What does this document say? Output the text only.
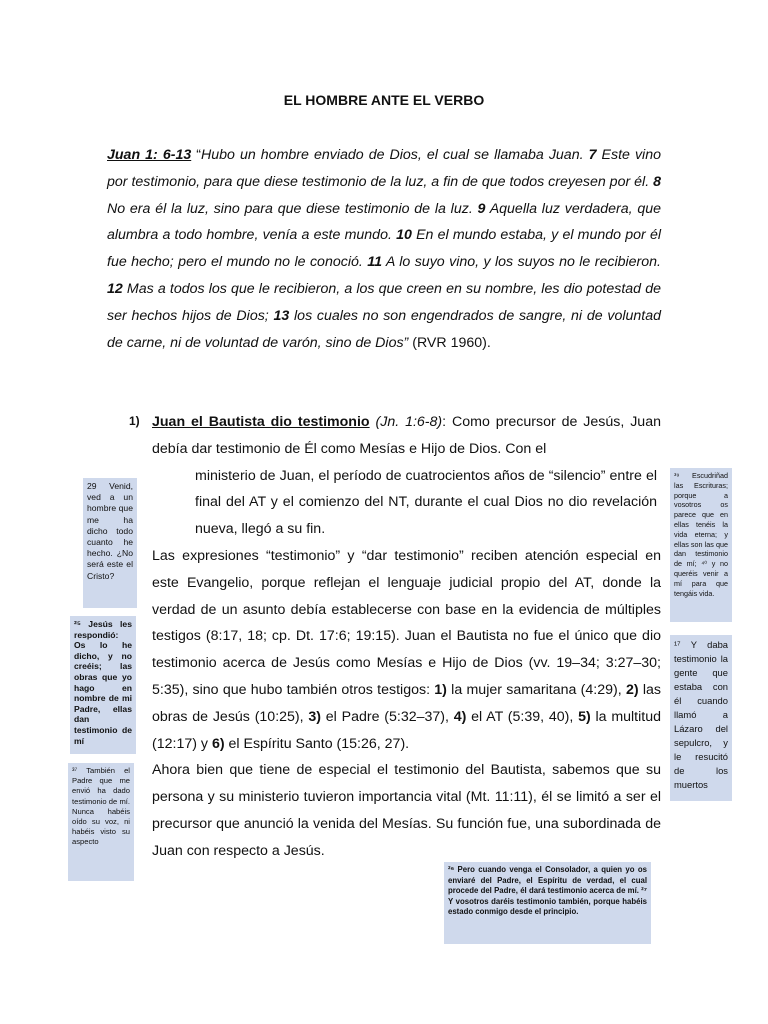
EL HOMBRE ANTE EL VERBO
Juan 1: 6-13 “Hubo un hombre enviado de Dios, el cual se llamaba Juan. 7 Este vino por testimonio, para que diese testimonio de la luz, a fin de que todos creyesen por él. 8 No era él la luz, sino para que diese testimonio de la luz. 9 Aquella luz verdadera, que alumbra a todo hombre, venía a este mundo. 10 En el mundo estaba, y el mundo por él fue hecho; pero el mundo no le conoció. 11 A lo suyo vino, y los suyos no le recibieron. 12 Mas a todos los que le recibieron, a los que creen en su nombre, les dio potestad de ser hechos hijos de Dios; 13 los cuales no son engendrados de sangre, ni de voluntad de carne, ni de voluntad de varón, sino de Dios” (RVR 1960).
1) Juan el Bautista dio testimonio (Jn. 1:6-8): Como precursor de Jesús, Juan debía dar testimonio de Él como Mesías e Hijo de Dios. Con el

ministerio de Juan, el período de cuatrocientos años de “silencio” entre el final del AT y el comienzo del NT, durante el cual Dios no dio revelación nueva, llegó a su fin.

Las expresiones “testimonio” y “dar testimonio” reciben atención especial en este Evangelio, porque reflejan el lenguaje judicial propio del AT, donde la verdad de un asunto debía establecerse con base en la evidencia de múltiples testigos (8:17, 18; cp. Dt. 17:6; 19:15). Juan el Bautista no fue el único que dio testimonio acerca de Jesús como Mesías e Hijo de Dios (vv. 19–34; 3:27–30; 5:35), sino que hubo también otros testigos: 1) la mujer samaritana (4:29), 2) las obras de Jesús (10:25), 3) el Padre (5:32–37), 4) el AT (5:39, 40), 5) la multitud (12:17) y 6) el Espíritu Santo (15:26, 27).

Ahora bien que tiene de especial el testimonio del Bautista, sabemos que su persona y su ministerio tuvieron importancia vital (Mt. 11:11), él se limitó a ser el precursor que anunció la venida del Mesías. Su función fue, una subordinada de Juan con respecto a Jesús.

29 Venid, ved a un hombre que me ha dicho todo cuanto he hecho. ¿No será este el Cristo?
²⁵ Jesús les respondió: Os lo he dicho, y no creéis; las obras que yo hago en nombre de mi Padre, ellas dan testimonio de mí
³⁷ También el Padre que me envió ha dado testimonio de mí. Nunca habéis oído su voz, ni habéis visto su aspecto
³⁹ Escudriñad las Escrituras; porque a vosotros os parece que en ellas tenéis la vida eterna; y ellas son las que dan testimonio de mí; ⁴⁰ y no queréis venir a mí para que tengáis vida.
¹⁷ Y daba testimonio la gente que estaba con él cuando llamó a Lázaro del sepulcro, y le resucitó de los muertos
²⁶ Pero cuando venga el Consolador, a quien yo os enviaré del Padre, el Espíritu de verdad, el cual procede del Padre, él dará testimonio acerca de mí. ²⁷ Y vosotros daréis testimonio también, porque habéis estado conmigo desde el principio.
